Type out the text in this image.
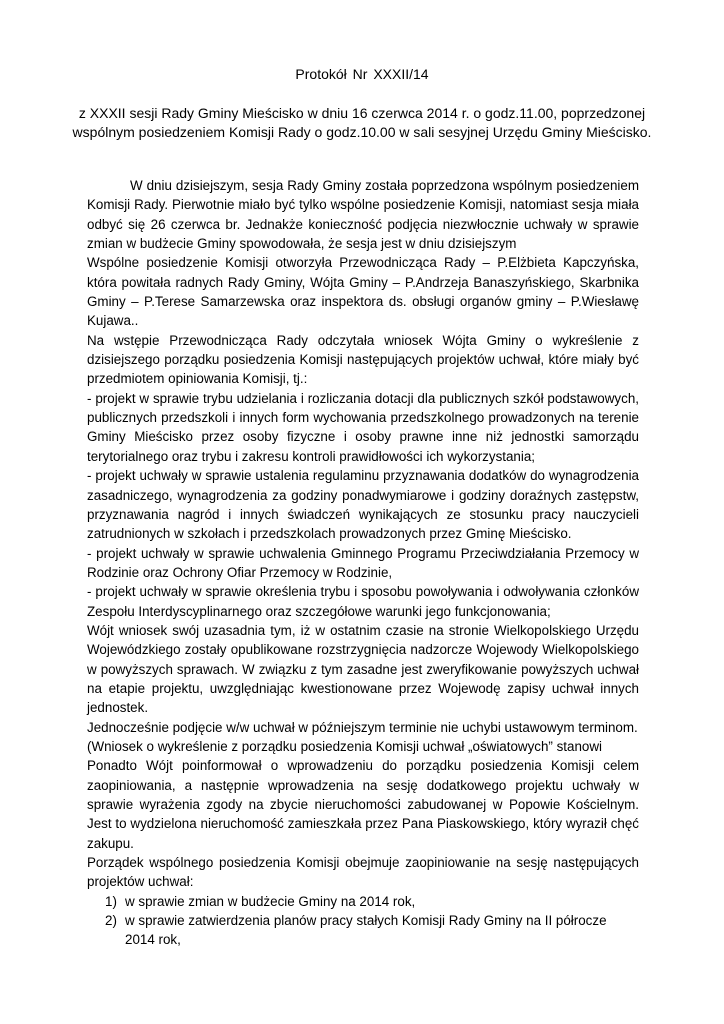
Protokół Nr XXXII/14
z XXXII sesji Rady Gminy Mieścisko w dniu 16 czerwca 2014 r. o godz.11.00, poprzedzonej
wspólnym posiedzeniem Komisji Rady o godz.10.00 w sali sesyjnej Urzędu Gminy Mieścisko.

W dniu dzisiejszym, sesja Rady Gminy została poprzedzona wspólnym posiedzeniem Komisji Rady. Pierwotnie miało być tylko wspólne posiedzenie Komisji, natomiast sesja miała odbyć się 26 czerwca br. Jednakże konieczność podjęcia niezwłocznie uchwały w sprawie zmian w budżecie Gminy spowodowała, że sesja jest w dniu dzisiejszym

Wspólne posiedzenie Komisji otworzyła Przewodnicząca Rady – P.Elżbieta Kapczyńska, która powitała radnych Rady Gminy, Wójta Gminy – P.Andrzeja Banaszyńskiego, Skarbnika Gminy – P.Terese Samarzewska oraz inspektora ds. obsługi organów gminy – P.Wiesławę Kujawa..

Na wstępie Przewodnicząca Rady odczytała wniosek Wójta Gminy o wykreślenie z dzisiejszego porządku posiedzenia Komisji następujących projektów uchwał, które miały być przedmiotem opiniowania Komisji, tj.:

- projekt w sprawie trybu udzielania i rozliczania dotacji dla publicznych szkół podstawowych, publicznych przedszkoli i innych form wychowania przedszkolnego prowadzonych na terenie Gminy Mieścisko przez osoby fizyczne i osoby prawne inne niż jednostki samorządu terytorialnego oraz trybu i zakresu kontroli prawidłowości ich wykorzystania;

- projekt uchwały w sprawie ustalenia regulaminu przyznawania dodatków do wynagrodzenia zasadniczego, wynagrodzenia za godziny ponadwymiarowe i godziny doraźnych zastępstw, przyznawania nagród i innych świadczeń wynikających ze stosunku pracy nauczycieli zatrudnionych w szkołach i przedszkolach prowadzonych przez Gminę Mieścisko.

- projekt uchwały w sprawie uchwalenia Gminnego Programu Przeciwdziałania Przemocy w Rodzinie oraz Ochrony Ofiar Przemocy w Rodzinie,

- projekt uchwały w sprawie określenia trybu i sposobu powoływania i odwoływania członków Zespołu Interdyscyplinarnego oraz szczegółowe warunki jego funkcjonowania;

Wójt wniosek swój uzasadnia tym, iż w ostatnim czasie na stronie Wielkopolskiego Urzędu Wojewódzkiego zostały opublikowane rozstrzygnięcia nadzorcze Wojewody Wielkopolskiego w powyższych sprawach. W związku z tym zasadne jest zweryfikowanie powyższych uchwał na etapie projektu, uwzględniając kwestionowane przez Wojewodę zapisy uchwał innych jednostek.

Jednocześnie podjęcie w/w uchwał w późniejszym terminie nie uchybi ustawowym terminom.

(Wniosek o wykreślenie z porządku posiedzenia Komisji uchwał „oświatowych” stanowi

Ponadto Wójt poinformował o wprowadzeniu do porządku posiedzenia Komisji celem zaopiniowania, a następnie wprowadzenia na sesję dodatkowego projektu uchwały w sprawie wyrażenia zgody na zbycie nieruchomości zabudowanej w Popowie Kościelnym. Jest to wydzielona nieruchomość zamieszkała przez Pana Piaskowskiego, który wyraził chęć zakupu.

Porządek wspólnego posiedzenia Komisji obejmuje zaopiniowanie na sesję następujących projektów uchwał:

1) w sprawie zmian w budżecie Gminy na 2014 rok,
2) w sprawie zatwierdzenia planów pracy stałych Komisji Rady Gminy na II półrocze 2014 rok,
